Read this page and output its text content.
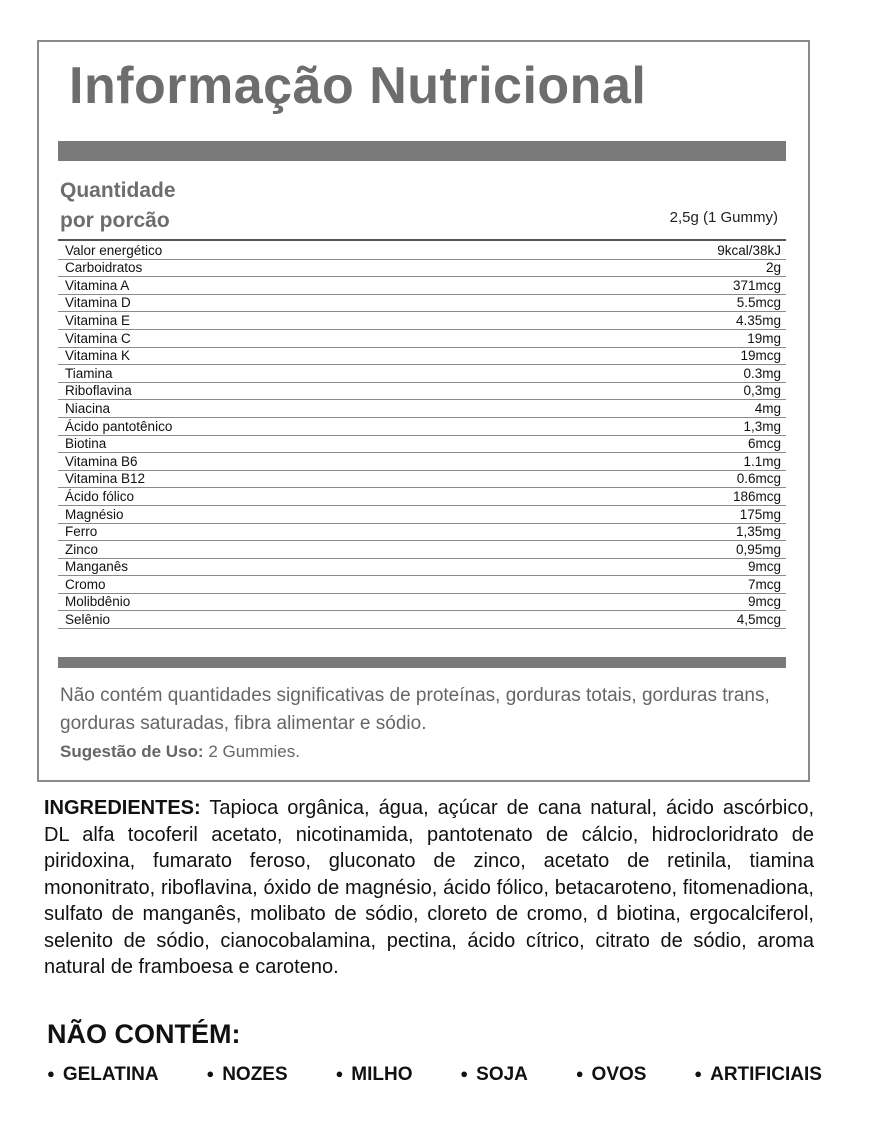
Informação Nutricional
Quantidade
por porcão	2,5g (1 Gummy)
Valor energético	9kcal/38kJ
Carboidratos	2g
Vitamina A	371mcg
Vitamina D	5.5mcg
Vitamina E	4.35mg
Vitamina C	19mg
Vitamina K	19mcg
Tiamina	0.3mg
Riboflavina	0,3mg
Niacina	4mg
Ácido pantotênico	1,3mg
Biotina	6mcg
Vitamina B6	1.1mg
Vitamina B12	0.6mcg
Ácido fólico	186mcg
Magnésio	175mg
Ferro	1,35mg
Zinco	0,95mg
Manganês	9mcg
Cromo	7mcg
Molibdênio	9mcg
Selênio	4,5mcg
Não contém quantidades significativas de proteínas, gorduras totais, gorduras trans, gorduras saturadas, fibra alimentar e sódio.
Sugestão de Uso: 2 Gummies.
INGREDIENTES: Tapioca orgânica, água, açúcar de cana natural, ácido ascórbico, DL alfa tocoferil acetato, nicotinamida, pantotenato de cálcio, hidrocloridrato de piridoxina, fumarato feroso, gluconato de zinco, acetato de retinila, tiamina mononitrato, riboflavina, óxido de magnésio, ácido fólico, betacaroteno, fitomenadiona, sulfato de manganês, molibato de sódio, cloreto de cromo, d biotina, ergocalciferol, selenito de sódio, cianocobalamina, pectina, ácido cítrico, citrato de sódio, aroma natural de framboesa e caroteno.
NÃO CONTÉM:
● GELATINA	● NOZES	● MILHO	● SOJA	● OVOS	● ARTIFICIAIS
